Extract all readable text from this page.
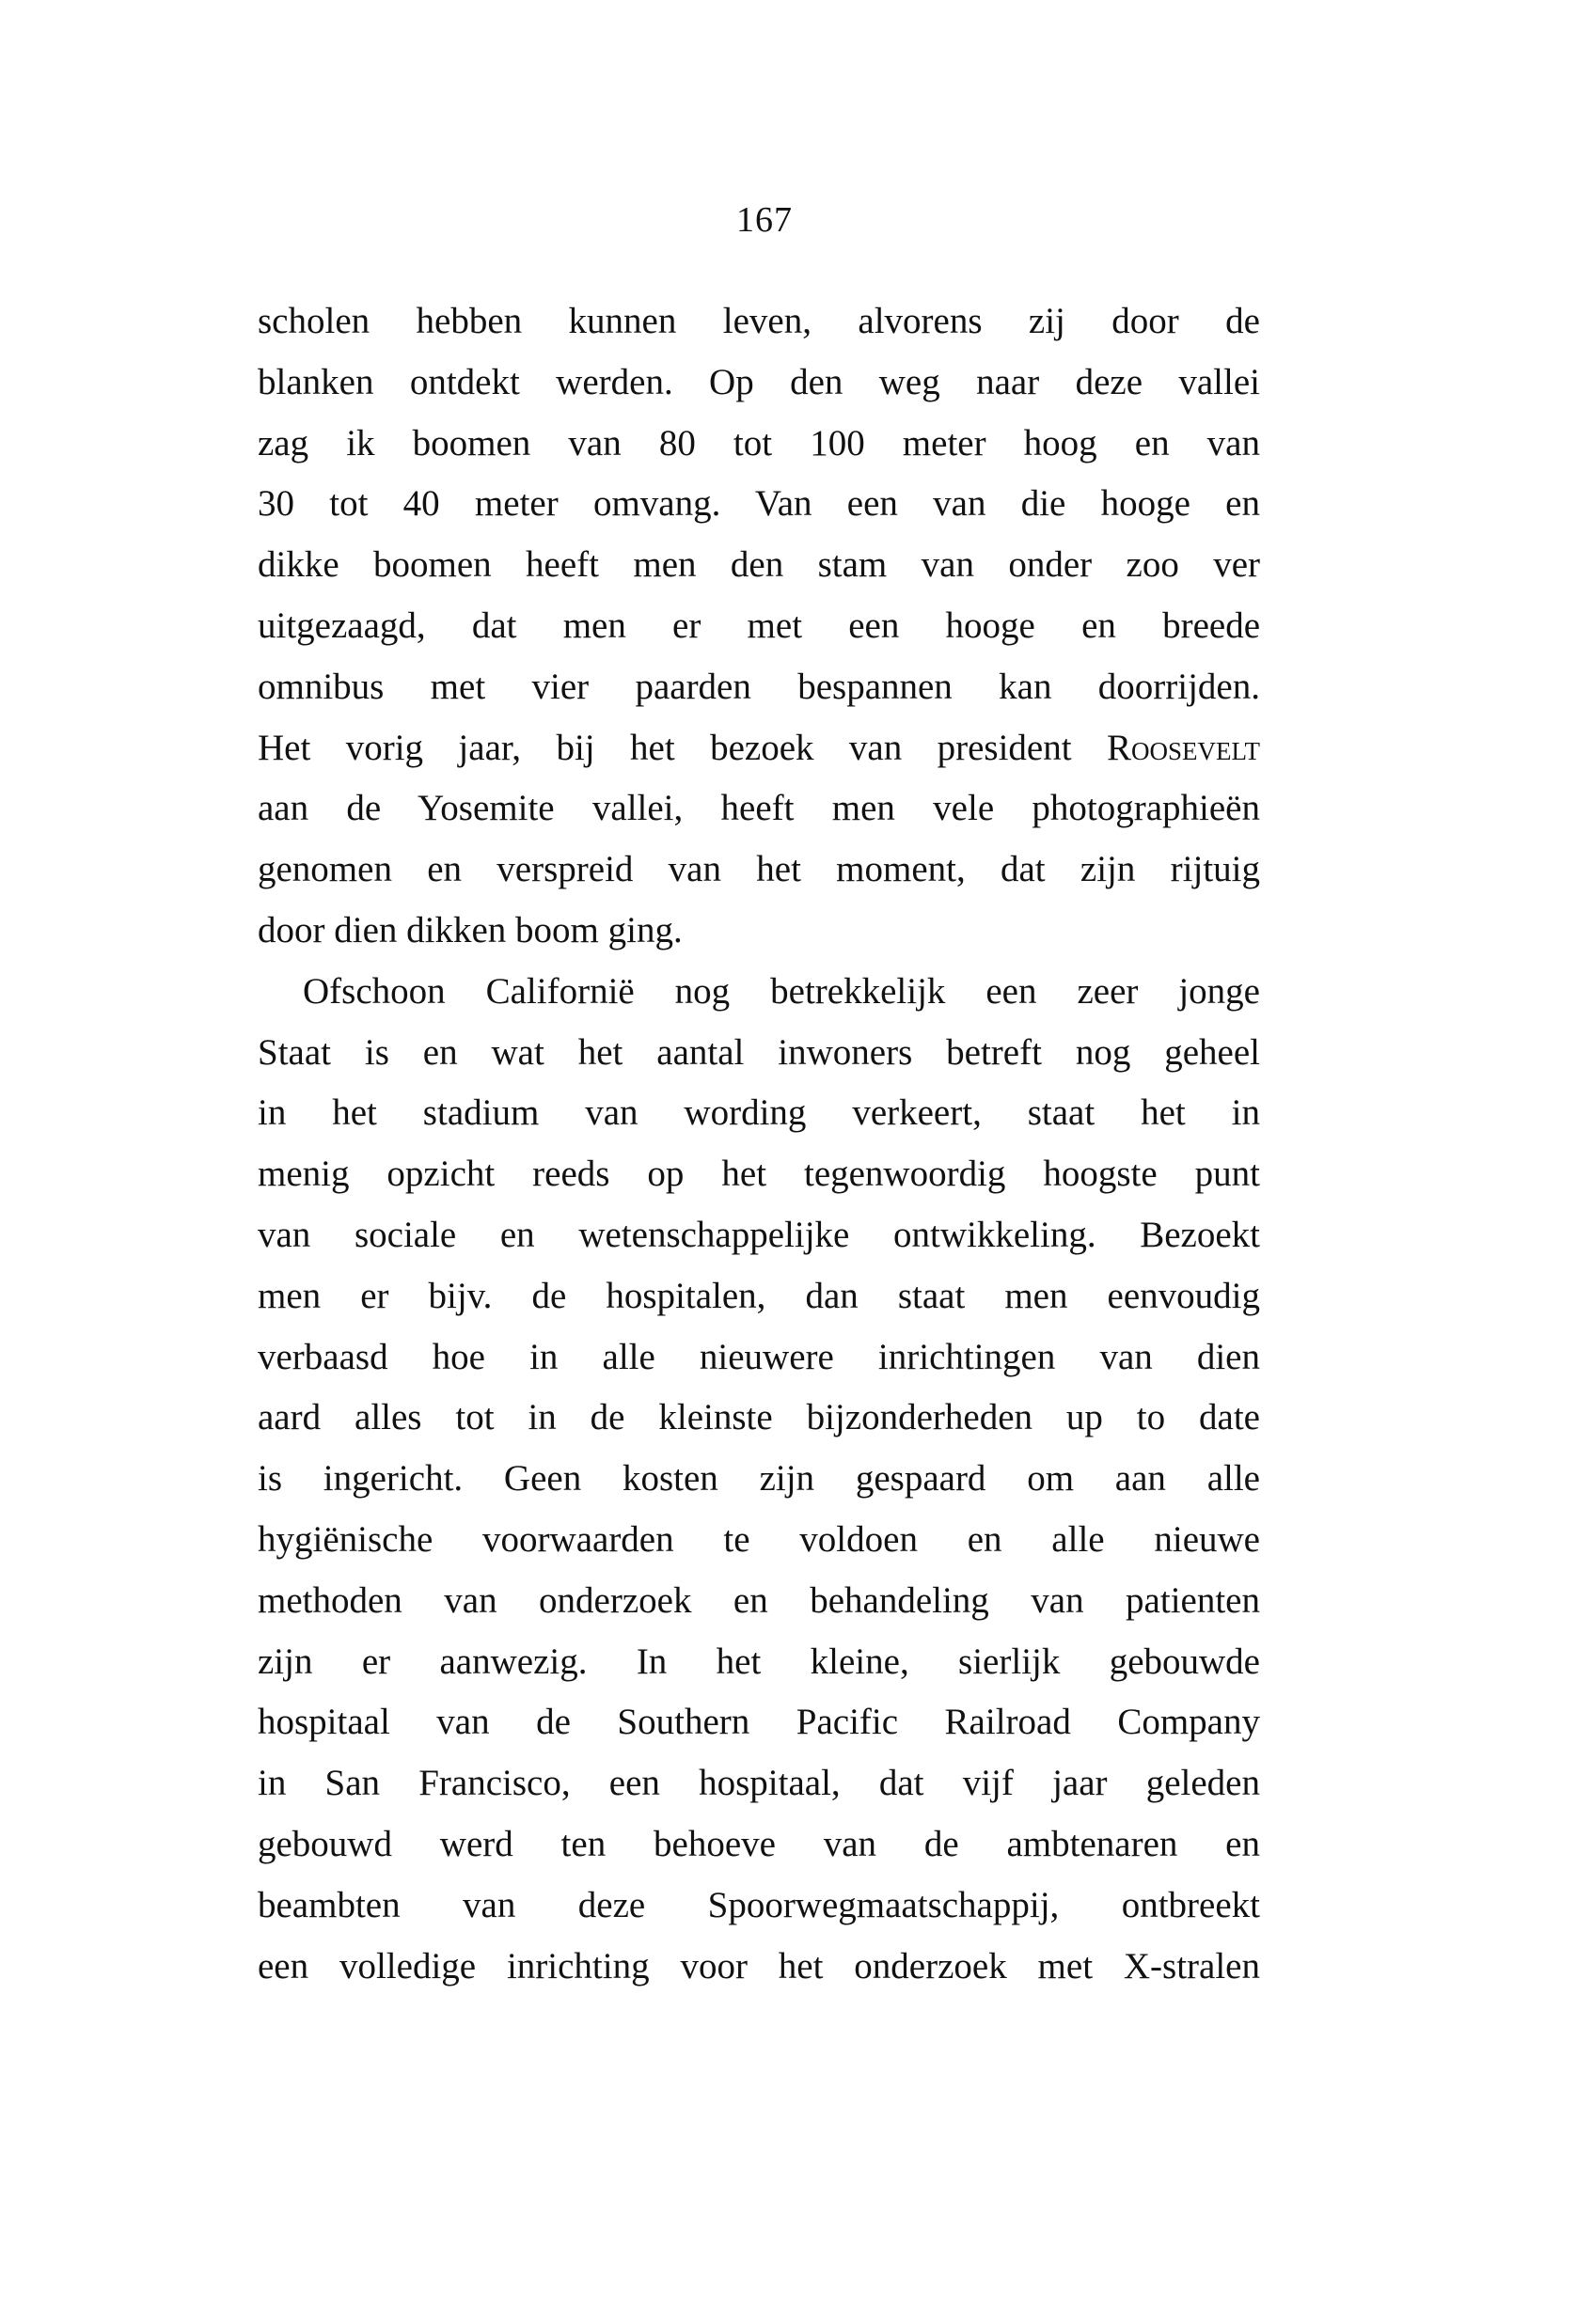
167
scholen hebben kunnen leven, alvorens zij door de
blanken ontdekt werden. Op den weg naar deze vallei
zag ik boomen van 80 tot 100 meter hoog en van
30 tot 40 meter omvang. Van een van die hooge en
dikke boomen heeft men den stam van onder zoo ver
uitgezaagd, dat men er met een hooge en breede
omnibus met vier paarden bespannen kan doorrijden.
Het vorig jaar, bij het bezoek van president Roosevelt
aan de Yosemite vallei, heeft men vele photographieën
genomen en verspreid van het moment, dat zijn rijtuig
door dien dikken boom ging.
Ofschoon Californië nog betrekkelijk een zeer jonge
Staat is en wat het aantal inwoners betreft nog geheel
in het stadium van wording verkeert, staat het in
menig opzicht reeds op het tegenwoordig hoogste punt
van sociale en wetenschappelijke ontwikkeling. Bezoekt
men er bijv. de hospitalen, dan staat men eenvoudig
verbaasd hoe in alle nieuwere inrichtingen van dien
aard alles tot in de kleinste bijzonderheden up to date
is ingericht. Geen kosten zijn gespaard om aan alle
hygiënische voorwaarden te voldoen en alle nieuwe
methoden van onderzoek en behandeling van patienten
zijn er aanwezig. In het kleine, sierlijk gebouwde
hospitaal van de Southern Pacific Railroad Company
in San Francisco, een hospitaal, dat vijf jaar geleden
gebouwd werd ten behoeve van de ambtenaren en
beambten van deze Spoorwegmaatschappij, ontbreekt
een volledige inrichting voor het onderzoek met X-stralen
